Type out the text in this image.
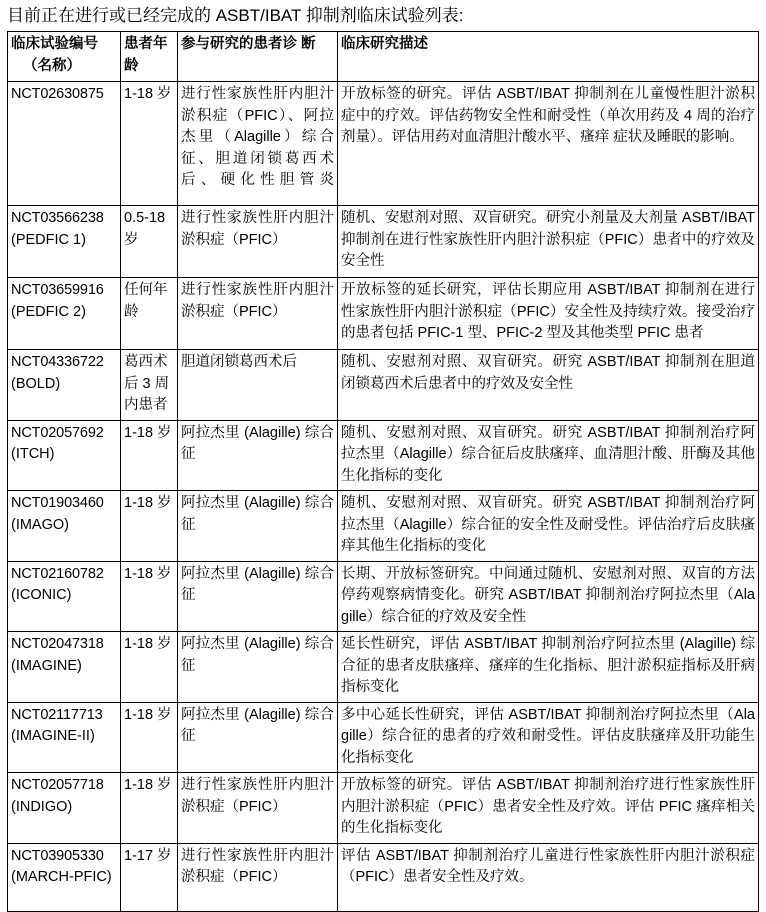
目前正在进行或已经完成的 ASBT/IBAT 抑制剂临床试验列表:
临床试验编号
（名称）	患者年龄	参与研究的患者诊 断	临床研究描述

NCT02630875	1-18 岁	进行性家族性肝内胆汁淤积症（PFIC）、阿拉杰里（Alagille）综合征、胆道闭锁葛西术后、硬化性胆管炎	开放标签的研究。评估 ASBT/IBAT 抑制剂在儿童慢性胆汁淤积症中的疗效。评估药物安全性和耐受性（单次用药及 4 周的治疗剂量）。评估用药对血清胆汁酸水平、瘙痒 症状及睡眠的影响。

NCT03566238
(PEDFIC 1)	0.5-18 岁	进行性家族性肝内胆汁淤积症（PFIC）	随机、安慰剂对照、双盲研究。研究小剂量及大剂量 ASBT/IBAT 抑制剂在进行性家族性肝内胆汁淤积症（PFIC）患者中的疗效及安全性

NCT03659916
(PEDFIC 2)	任何年龄	进行性家族性肝内胆汁淤积症（PFIC）	开放标签的延长研究，评估长期应用 ASBT/IBAT 抑制剂在进行性家族性肝内胆汁淤积症（PFIC）安全性及持续疗效。接受治疗的患者包括 PFIC-1 型、PFIC-2 型及其他类型 PFIC 患者

NCT04336722
(BOLD)	葛西术后 3 周内患者	胆道闭锁葛西术后	随机、安慰剂对照、双盲研究。研究 ASBT/IBAT 抑制剂在胆道闭锁葛西术后患者中的疗效及安全性

NCT02057692
(ITCH)	1-18 岁	阿拉杰里 (Alagille) 综合征	随机、安慰剂对照、双盲研究。研究 ASBT/IBAT 抑制剂治疗阿拉杰里（Alagille）综合征后皮肤瘙痒、血清胆汁酸、肝酶及其他生化指标的变化

NCT01903460
(IMAGO)	1-18 岁	阿拉杰里 (Alagille) 综合征	随机、安慰剂对照、双盲研究。研究 ASBT/IBAT 抑制剂治疗阿拉杰里（Alagille）综合征的安全性及耐受性。评估治疗后皮肤瘙痒其他生化指标的变化

NCT02160782
(ICONIC)	1-18 岁	阿拉杰里 (Alagille) 综合征	长期、开放标签研究。中间通过随机、安慰剂对照、双盲的方法停药观察病情变化。研究 ASBT/IBAT 抑制剂治疗阿拉杰里（Alagille）综合征的疗效及安全性

NCT02047318
(IMAGINE)	1-18 岁	阿拉杰里 (Alagille) 综合征	延长性研究，评估 ASBT/IBAT 抑制剂治疗阿拉杰里 (Alagille) 综合征的患者皮肤瘙痒、瘙痒的生化指标、胆汁淤积症指标及肝病指标变化

NCT02117713
(IMAGINE-II)	1-18 岁	阿拉杰里 (Alagille) 综合征	多中心延长性研究，评估 ASBT/IBAT 抑制剂治疗阿拉杰里（Alagille）综合征的患者的疗效和耐受性。评估皮肤瘙痒及肝功能生化指标变化

NCT02057718
(INDIGO)	1-18 岁	进行性家族性肝内胆汁淤积症（PFIC）	开放标签的研究。评估 ASBT/IBAT 抑制剂治疗进行性家族性肝内胆汁淤积症（PFIC）患者安全性及疗效。评估 PFIC 瘙痒相关的生化指标变化

NCT03905330
(MARCH-PFIC)	1-17 岁	进行性家族性肝内胆汁淤积症（PFIC）	评估 ASBT/IBAT 抑制剂治疗儿童进行性家族性肝内胆汁淤积症（PFIC）患者安全性及疗效。
